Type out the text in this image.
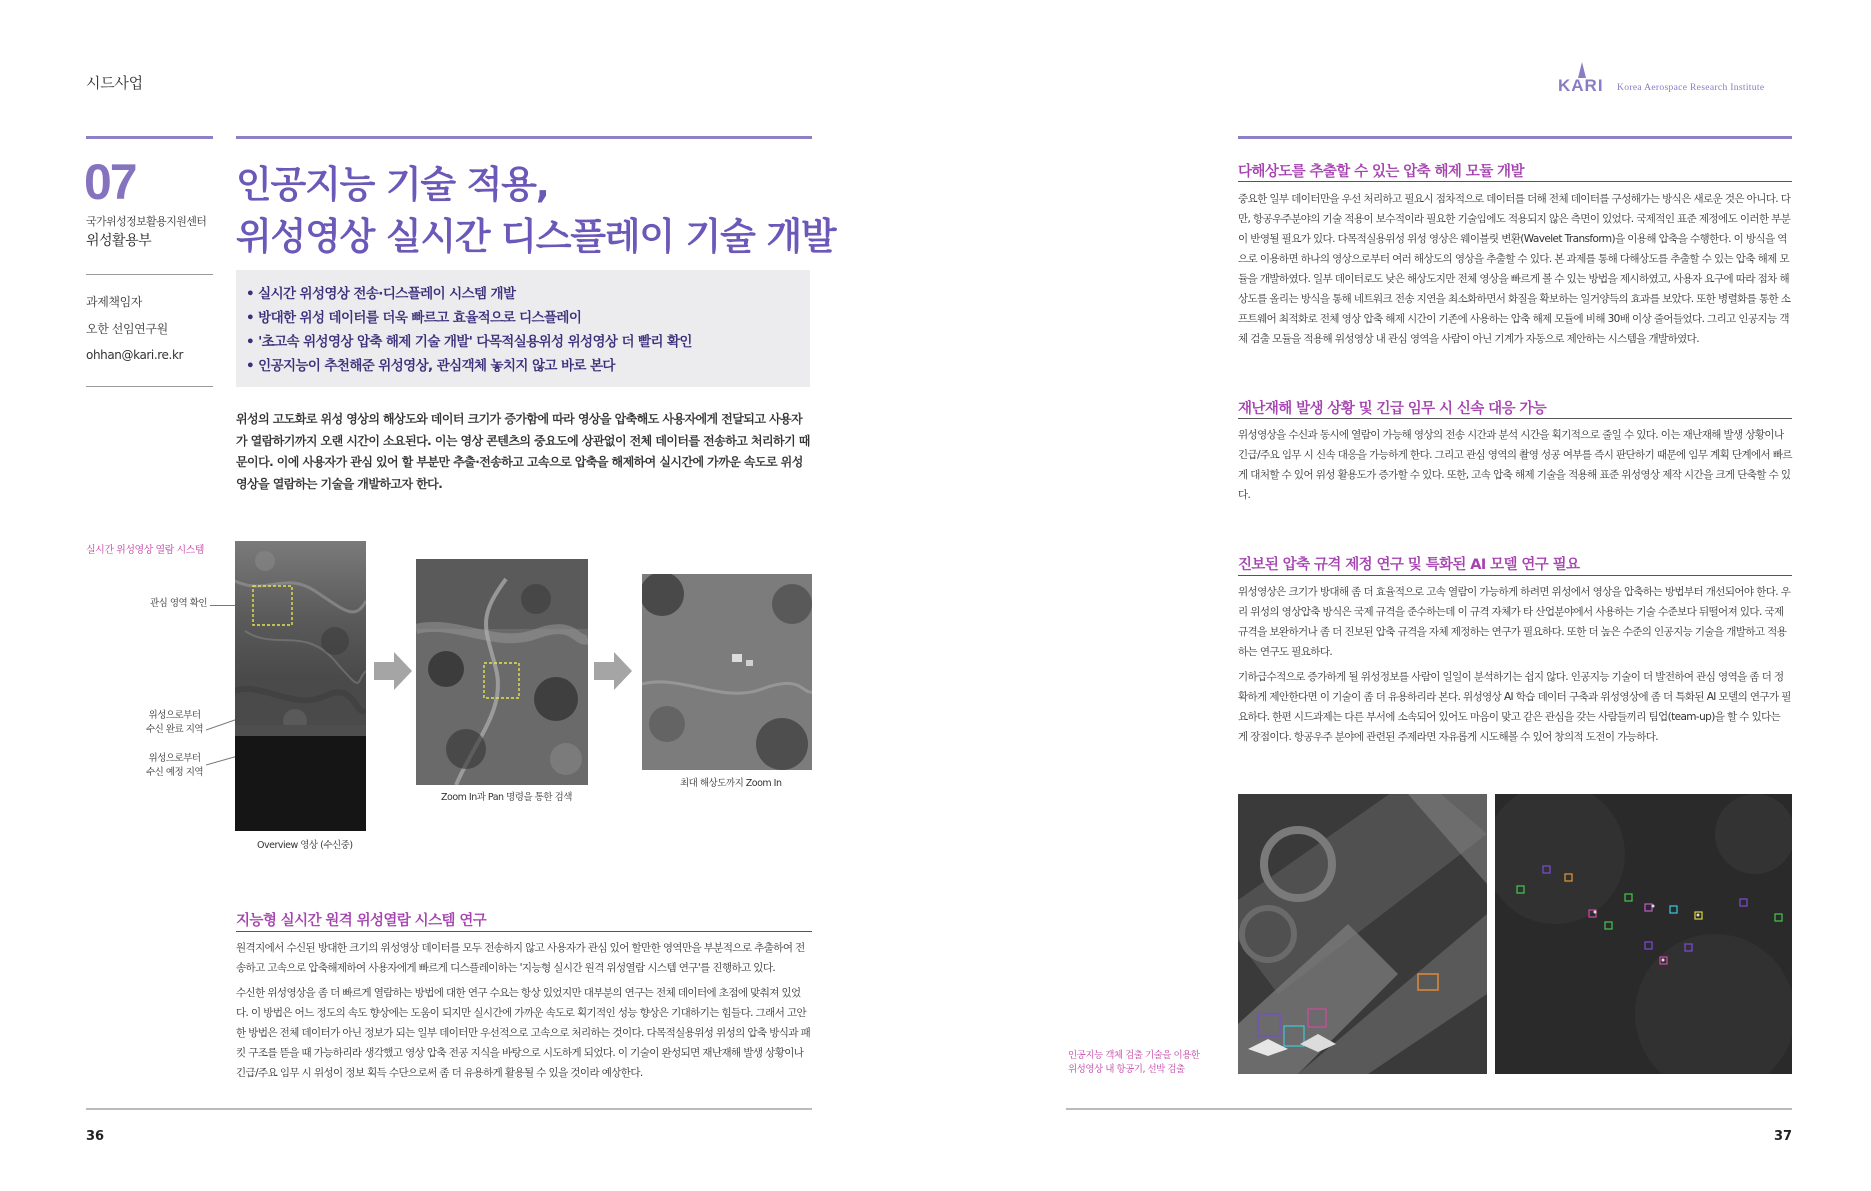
시드사업
07
국가위성정보활용지원센터
위성활용부
과제책임자
오한 선임연구원
ohhan@kari.re.kr
인공지능 기술 적용,
위성영상 실시간 디스플레이 기술 개발
• 실시간 위성영상 전송·디스플레이 시스템 개발
• 방대한 위성 데이터를 더욱 빠르고 효율적으로 디스플레이
• '초고속 위성영상 압축 해제 기술 개발' 다목적실용위성 위성영상 더 빨리 확인
• 인공지능이 추천해준 위성영상, 관심객체 놓치지 않고 바로 본다

위성의 고도화로 위성 영상의 해상도와 데이터 크기가 증가함에 따라 영상을 압축해도 사용자에게 전달되고 사용자가 열람하기까지 오랜 시간이 소요된다. 이는 영상 콘텐츠의 중요도에 상관없이 전체 데이터를 전송하고 처리하기 때문이다. 이에 사용자가 관심 있어 할 부분만 추출·전송하고 고속으로 압축을 해제하여 실시간에 가까운 속도로 위성영상을 열람하는 기술을 개발하고자 한다.

실시간 위성영상 열람 시스템
관심 영역 확인
위성으로부터
수신 완료 지역
위성으로부터
수신 예정 지역
Zoom In과 Pan 명령을 통한 검색
최대 해상도까지 Zoom In
Overview 영상 (수신중)
지능형 실시간 원격 위성열람 시스템 연구

원격지에서 수신된 방대한 크기의 위성영상 데이터를 모두 전송하지 않고 사용자가 관심 있어 할만한 영역만을 부분적으로 추출하여 전송하고 고속으로 압축해제하여 사용자에게 빠르게 디스플레이하는 '지능형 실시간 원격 위성열람 시스템 연구'를 진행하고 있다.

수신한 위성영상을 좀 더 빠르게 열람하는 방법에 대한 연구 수요는 항상 있었지만 대부분의 연구는 전체 데이터에 초점에 맞춰져 있었다. 이 방법은 어느 정도의 속도 향상에는 도움이 되지만 실시간에 가까운 속도로 획기적인 성능 향상은 기대하기는 힘들다. 그래서 고안한 방법은 전체 데이터가 아닌 정보가 되는 일부 데이터만 우선적으로 고속으로 처리하는 것이다. 다목적실용위성 위성의 압축 방식과 패킷 구조를 뜯을 때 가능하리라 생각했고 영상 압축 전공 지식을 바탕으로 시도하게 되었다. 이 기술이 완성되면 재난재해 발생 상황이나 긴급/주요 임무 시 위성이 정보 획득 수단으로써 좀 더 유용하게 활용될 수 있을 것이라 예상한다.

36
KARI Korea Aerospace Research Institute
다해상도를 추출할 수 있는 압축 해제 모듈 개발

중요한 일부 데이터만을 우선 처리하고 필요시 점차적으로 데이터를 더해 전체 데이터를 구성해가는 방식은 새로운 것은 아니다. 다만, 항공우주분야의 기술 적용이 보수적이라 필요한 기술임에도 적용되지 않은 측면이 있었다. 국제적인 표준 제정에도 이러한 부분이 반영될 필요가 있다. 다목적실용위성 위성 영상은 웨이블릿 변환(Wavelet Transform)을 이용해 압축을 수행한다. 이 방식을 역으로 이용하면 하나의 영상으로부터 여러 해상도의 영상을 추출할 수 있다. 본 과제를 통해 다해상도를 추출할 수 있는 압축 해제 모듈을 개발하였다. 일부 데이터로도 낮은 해상도지만 전체 영상을 빠르게 볼 수 있는 방법을 제시하였고, 사용자 요구에 따라 점차 해상도를 올리는 방식을 통해 네트워크 전송 지연을 최소화하면서 화질을 확보하는 일거양득의 효과를 보았다. 또한 병렬화를 통한 소프트웨어 최적화로 전체 영상 압축 해제 시간이 기존에 사용하는 압축 해제 모듈에 비해 30배 이상 줄어들었다. 그리고 인공지능 객체 검출 모듈을 적용해 위성영상 내 관심 영역을 사람이 아닌 기계가 자동으로 제안하는 시스템을 개발하였다.

재난재해 발생 상황 및 긴급 임무 시 신속 대응 가능

위성영상을 수신과 동시에 열람이 가능해 영상의 전송 시간과 분석 시간을 획기적으로 줄일 수 있다. 이는 재난재해 발생 상황이나 긴급/주요 임무 시 신속 대응을 가능하게 한다. 그리고 관심 영역의 촬영 성공 여부를 즉시 판단하기 때문에 임무 계획 단계에서 빠르게 대처할 수 있어 위성 활용도가 증가할 수 있다. 또한, 고속 압축 해제 기술을 적용해 표준 위성영상 제작 시간을 크게 단축할 수 있다.

진보된 압축 규격 제정 연구 및 특화된 AI 모델 연구 필요

위성영상은 크기가 방대해 좀 더 효율적으로 고속 열람이 가능하게 하려면 위성에서 영상을 압축하는 방법부터 개선되어야 한다. 우리 위성의 영상압축 방식은 국제 규격을 준수하는데 이 규격 자체가 타 산업분야에서 사용하는 기술 수준보다 뒤떨어져 있다. 국제 규격을 보완하거나 좀 더 진보된 압축 규격을 자체 제정하는 연구가 필요하다. 또한 더 높은 수준의 인공지능 기술을 개발하고 적용하는 연구도 필요하다.

기하급수적으로 증가하게 될 위성정보를 사람이 일일이 분석하기는 쉽지 않다. 인공지능 기술이 더 발전하여 관심 영역을 좀 더 정확하게 제안한다면 이 기술이 좀 더 유용하리라 본다. 위성영상 AI 학습 데이터 구축과 위성영상에 좀 더 특화된 AI 모델의 연구가 필요하다. 한편 시드과제는 다른 부서에 소속되어 있어도 마음이 맞고 같은 관심을 갖는 사람들끼리 팀업(team-up)을 할 수 있다는 게 장점이다. 항공우주 분야에 관련된 주제라면 자유롭게 시도해볼 수 있어 창의적 도전이 가능하다.

인공지능 객체 검출 기술을 이용한
위성영상 내 항공기, 선박 검출
37
